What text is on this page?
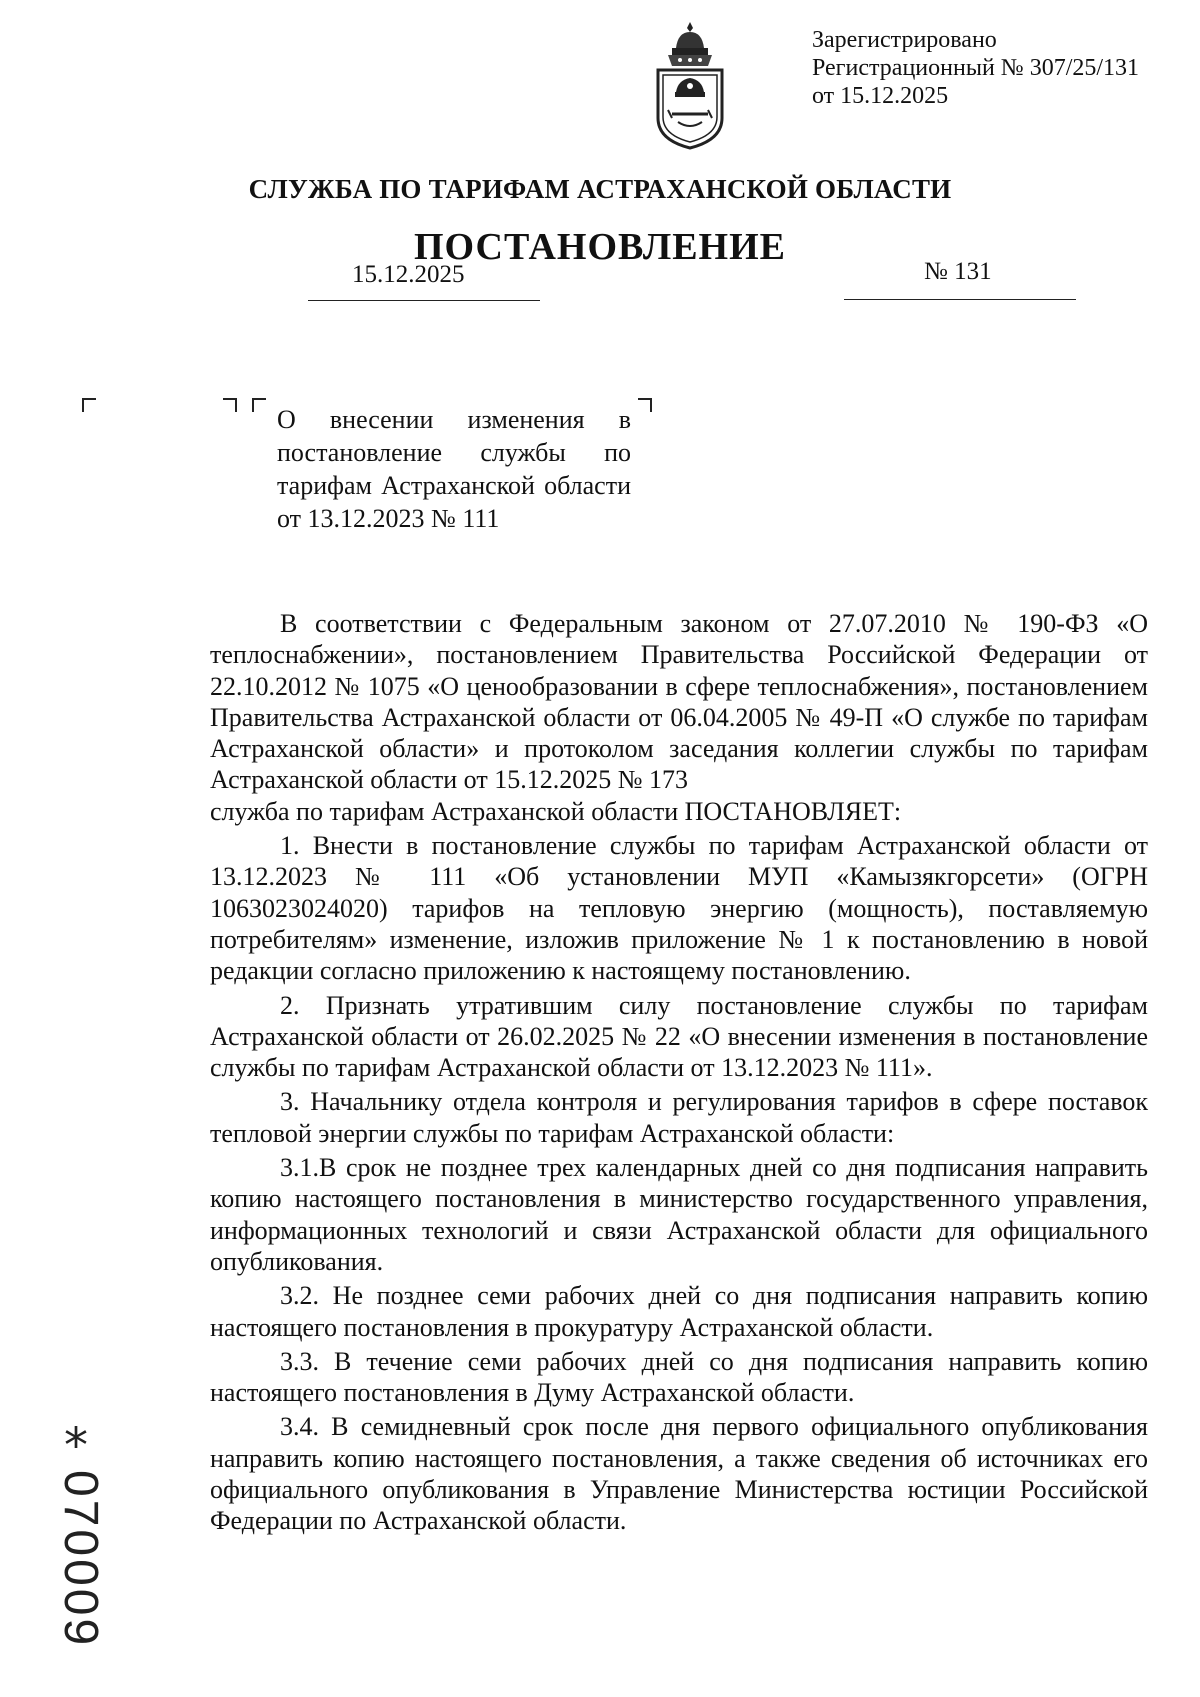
Зарегистрировано
Регистрационный № 307/25/131
от 15.12.2025
СЛУЖБА ПО ТАРИФАМ АСТРАХАНСКОЙ ОБЛАСТИ
ПОСТАНОВЛЕНИЕ
15.12.2025	№ 131
О внесении изменения в постановление службы по тарифам Астраханской области от 13.12.2023 № 111

В соответствии с Федеральным законом от 27.07.2010 № 190-ФЗ «О теплоснабжении», постановлением Правительства Российской Федерации от 22.10.2012 № 1075 «О ценообразовании в сфере теплоснабжения», постановлением Правительства Астраханской области от 06.04.2005 № 49-П «О службе по тарифам Астраханской области» и протоколом заседания коллегии службы по тарифам Астраханской области от 15.12.2025 № 173

служба по тарифам Астраханской области ПОСТАНОВЛЯЕТ:

1. Внести в постановление службы по тарифам Астраханской области от 13.12.2023 № 111 «Об установлении МУП «Камызякгорсети» (ОГРН 1063023024020) тарифов на тепловую энергию (мощность), поставляемую потребителям» изменение, изложив приложение № 1 к постановлению в новой редакции согласно приложению к настоящему постановлению.

2. Признать утратившим силу постановление службы по тарифам Астраханской области от 26.02.2025 № 22 «О внесении изменения в постановление службы по тарифам Астраханской области от 13.12.2023 № 111».

3. Начальнику отдела контроля и регулирования тарифов в сфере поставок тепловой энергии службы по тарифам Астраханской области:

3.1.В срок не позднее трех календарных дней со дня подписания направить копию настоящего постановления в министерство государственного управления, информационных технологий и связи Астраханской области для официального опубликования.

3.2. Не позднее семи рабочих дней со дня подписания направить копию настоящего постановления в прокуратуру Астраханской области.

3.3. В течение семи рабочих дней со дня подписания направить копию настоящего постановления в Думу Астраханской области.

3.4. В семидневный срок после дня первого официального опубликования направить копию настоящего постановления, а также сведения об источниках его официального опубликования в Управление Министерства юстиции Российской Федерации по Астраханской области.

*
070009
